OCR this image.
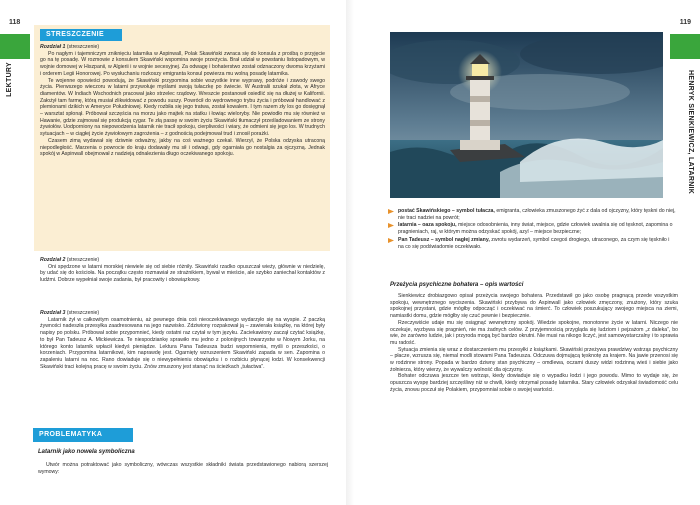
118
LEKTURY
STRESZCZENIE

Rozdział 1 (streszczenie)

Po nagłym i tajemniczym zniknięciu latarnika w Aspinwall, Polak Skawiński zwraca się do konsula z prośbą o przyjęcie go na tę posadę. W rozmowie z konsulem Skawiński wspomina swoje przeżycia. Brał udział w powstaniu listopadowym, w wojnie domowej w Hiszpanii, w Algierii i w wojnie secesyjnej. Za odwagę i bohaterstwo został odznaczony dwoma krzyżami i orderem Legii Honorowej. Po wysłuchaniu rozkoszy emigranta konsul powierza mu wolną posadę latarnika.

Te wojenne opowieści powodują, że Skawiński przypomina sobie wszystkie inne wyprawy, podróże i zawody swego życia. Pierwszego wieczoru w latarni przywołuje myślami swoją tułaczkę po świecie. W Australii szukał złota, w Afryce diamentów. W Indiach Wschodnich pracował jako strzelec rządowy. Wreszcie postanowił osiedlić się na dłużej w Kalifornii. Założył tam farmę, którą musiał zlikwidować z powodu suszy. Powrócił do wędrownego trybu życia i próbował handlować z plemionami dzikich w Ameryce Południowej. Kiedy rozbiła się jego tratwa, został kowalem. I tym razem zły los go dosięgnął – warsztat spłonął. Próbował szczęścia na morzu jako majtek na statku i łowiąc wieloryby. Nie powiodło mu się również w Hawanie, gdzie zajmował się produkcją cygar. Te złą passę w swoim życiu Skawiński tłumaczył prześladowaniem ze strony żywiołów. Uodporniony na niepowodzenia latarnik nie tracił spokoju, cierpliwości i wiary, że odmieni się jego los. W trudnych sytuacjach – w ciągłej życie żywiołowym zagrożenia – z godnością podejmował trud i znosił porażki.

Czasem zimą wydawał się dziwnie odważny, jakby na coś ważnego czekał. Wierzył, że Polska odzyska utraconą niepodległość. Marzenia o powrocie do kraju dodawały mu sił i odwagi, gdy ogarniała go nostalgia za ojczyzną. Jednak spokój w Aspinwall obejmował z nadzieją odnalezienia długo oczekiwanego spokoju.

Rozdział 2 (streszczenie)

Oni spędzone w latarni morskiej niewiele się od siebie różniły. Skawiński rzadko opuszczał wieży, głównie w niedzielę, by udać się do kościoła. Na początku często rozmawiał ze strażnikiem, bywał w mieście, ale szybko zaniechał kontaktów z ludźmi. Dobrze wypełniał swoje zadania, był pracowity i obowiązkowy.

Rozdział 3 (streszczenie)

Latarnik żył w całkowitym osamotnieniu, aż pewnego dnia coś nieoczekiwanego wydarzyło się na wyspie. Z paczką żywności nadeszła przesyłka zaadresowana na jego nazwisko. Zdziwiony rozpakował ją – zawierała książkę, na której były napisy po polsku. Próbował sobie przypomnieć, kiedy ostatni raz czytał w tym języku. Zaciekawiony zaczął czytać książkę, to był Pan Tadeusz A. Mickiewicza. Te niespodziankę sprawiło mu jedno z polonijnych towarzystw w Nowym Jorku, na którego konto latarnik wpłacił kiedyś pieniądze. Lektura Pana Tadeusza budzi wspomnienia, myśli o przeszłości, o korzeniach. Przypomina latarnikowi, kim naprawdę jest. Ogarnięty wzruszeniem Skawiński zapada w sen. Zapomina o zapaleniu latarni na noc. Rano dowiaduje się o niewypełnieniu obowiązku i o rozbiciu płynącej łodzi. W konsekwencji Skawiński traci kolejną pracę w swoim życiu. Znów zmuszony jest stanąć na ścieżkach „tułactwa”.

PROBLEMATYKA
Latarnik jako nowela symboliczna

Utwór można potraktować jako symboliczny, wówczas wszystkie składniki świata przedstawionego nabiorą szerszej wymowy:

119
HENRYK SIENKIEWICZ, LATARNIK
postać Skawińskiego – symbol tułacza, emigranta, człowieka zmuszonego żyć z dala od ojczyzny, który tęskni do niej, nie traci nadziei na powrót;
latarnia – oaza spokoju, miejsce odosobnienia, inny świat, miejsce, gdzie człowiek uwalnia się od tęsknot, zapomina o pragnieniach, raj, w którym można odzyskać spokój, azyl – miejsce bezpieczne;
Pan Tadeusz – symbol nagłej zmiany, zwrotu wydarzeń, symbol czegoś drogiego, utraconego, za czym się tęskniło i na co się podświadomie oczekiwało.
Przeżycia psychiczne bohatera – opis wartości

Sienkiewicz drobiazgowo opisał przeżycia swojego bohatera. Przedstawił go jako osobę pragnącą przede wszystkim spokoju, wewnętrznego wyciszenia. Skawiński przybywa do Aspinwall jako człowiek zmęczony, znużony, który szuka spokojnej przystani, gdzie mógłby odpocząć i oczekiwać na śmierć. To człowiek poszukujący swojego miejsca na ziemi, namiastki domu, gdzie mógłby się czuć pewnie i bezpiecznie.

Rzeczywiście udaje mu się osiągnąć wewnętrzny spokój. Wiedzie spokojne, monotonne życie w latarni. Niczego nie oczekuje, wyzbywa się pragnień, nie ma żadnych celów. Z przyjemnością przygląda się ludziom i pejzażom „z daleka”, bo wie, że zarówno ludzie, jak i przyroda mogą być bardzo okrutni. Nie musi na nikogo liczyć, jest samowystarczalny i to sprawia mu radość.

Sytuacja zmienia się wraz z dostarczeniem mu przesyłki z książkami. Skawiński przeżywa prawdziwy wstrząs psychiczny – płacze, wzrusza się, niemal modli stowami Pana Tadeusza. Odczuwa dojmującą tęsknotę za krajem. Na jawie przenosi się w rodzinne strony. Popada w bardzo dziwny stan psychiczny – omdlewa, oczami duszy widzi rodzinną wieś i siebie jako żołnierza, który wierzy, że wywalczy wolność dla ojczyzny.

Bohater odczuwa jeszcze ten wstrząs, kiedy dowiaduje się o wypadku łodzi i jego powodu. Mimo to wydaje się, że opuszcza wyspę bardziej szczęśliwy niż w chwili, kiedy otrzymał posadę latarnika. Stary człowiek odzyskał świadomość celu życia, znowu poczuł się Polakiem, przypomniał sobie o swojej wartości.
